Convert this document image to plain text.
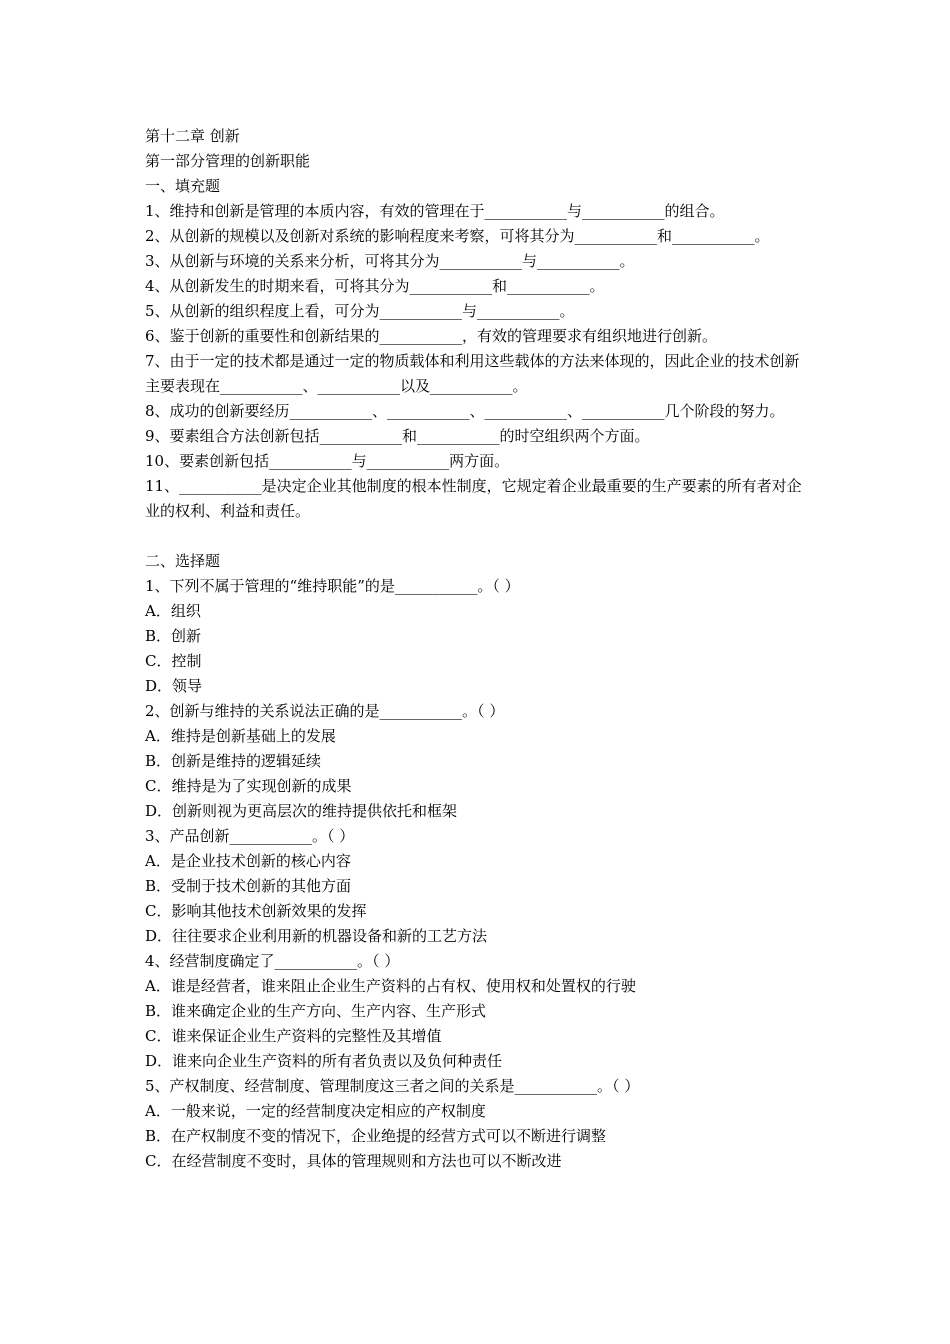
第十二章 创新

第一部分管理的创新职能

一、填充题

1、维持和创新是管理的本质内容，有效的管理在于___________与___________的组合。

2、从创新的规模以及创新对系统的影响程度来考察，可将其分为___________和___________。

3、从创新与环境的关系来分析，可将其分为___________与___________。

4、从创新发生的时期来看，可将其分为___________和___________。

5、从创新的组织程度上看，可分为___________与___________。

6、鉴于创新的重要性和创新结果的___________，有效的管理要求有组织地进行创新。

7、由于一定的技术都是通过一定的物质载体和利用这些载体的方法来体现的，因此企业的技术创新主要表现在___________、___________以及___________。

8、成功的创新要经历___________、___________、___________、___________几个阶段的努力。

9、要素组合方法创新包括___________和___________的时空组织两个方面。

10、要素创新包括___________与___________两方面。

11、___________是决定企业其他制度的根本性制度，它规定着企业最重要的生产要素的所有者对企业的权利、利益和责任。

二、选择题

1、下列不属于管理的“维持职能”的是___________。（ ）

A．组织

B．创新

C．控制

D．领导

2、创新与维持的关系说法正确的是___________。（ ）

A．维持是创新基础上的发展

B．创新是维持的逻辑延续

C．维持是为了实现创新的成果

D．创新则视为更高层次的维持提供依托和框架

3、产品创新___________。（ ）

A．是企业技术创新的核心内容

B．受制于技术创新的其他方面

C．影响其他技术创新效果的发挥

D．往往要求企业利用新的机器设备和新的工艺方法

4、经营制度确定了___________。（ ）

A．谁是经营者，谁来阻止企业生产资料的占有权、使用权和处置权的行驶

B．谁来确定企业的生产方向、生产内容、生产形式

C．谁来保证企业生产资料的完整性及其增值

D．谁来向企业生产资料的所有者负责以及负何种责任

5、产权制度、经营制度、管理制度这三者之间的关系是___________。（ ）

A．一般来说，一定的经营制度决定相应的产权制度

B．在产权制度不变的情况下，企业绝提的经营方式可以不断进行调整

C．在经营制度不变时，具体的管理规则和方法也可以不断改进
